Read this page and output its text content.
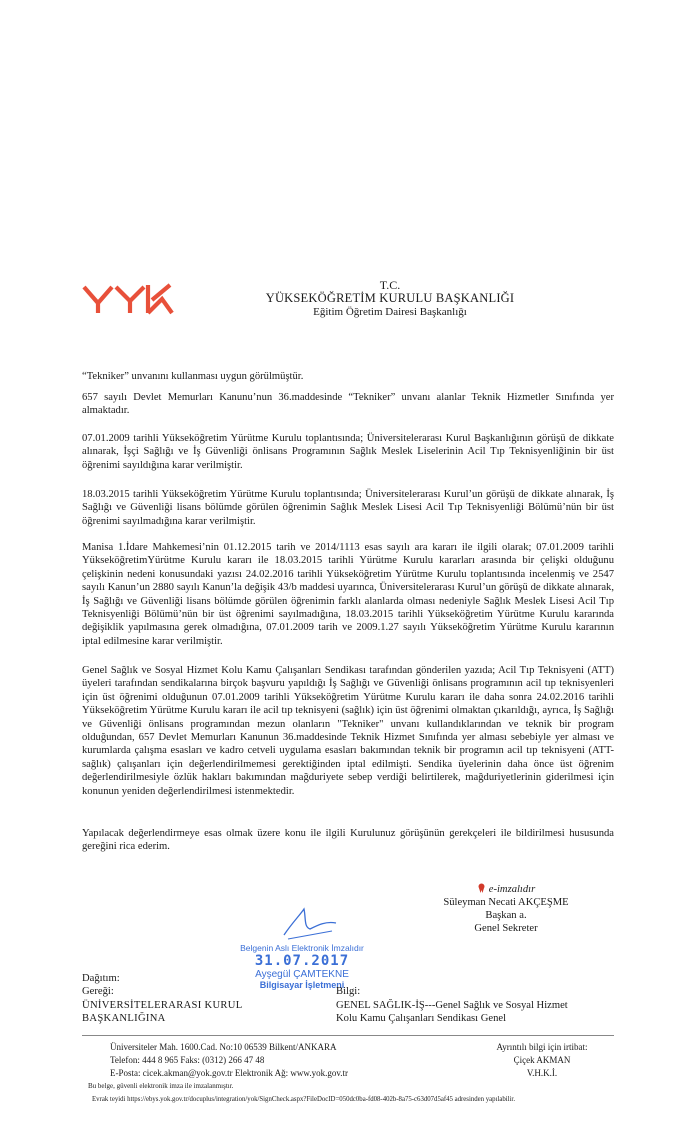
T.C.
YÜKSEKÖĞRETİM KURULU BAŞKANLIĞI
Eğitim Öğretim Dairesi Başkanlığı
“Tekniker” unvanını kullanması uygun görülmüştür.
657 sayılı Devlet Memurları Kanunu’nun 36.maddesinde “Tekniker” unvanı alanlar Teknik Hizmetler Sınıfında yer almaktadır.
07.01.2009 tarihli Yükseköğretim Yürütme Kurulu toplantısında; Üniversitelerarası Kurul Başkanlığının görüşü de dikkate alınarak, İşçi Sağlığı ve İş Güvenliği önlisans Programının Sağlık Meslek Liselerinin Acil Tıp Teknisyenliğinin bir üst öğrenimi sayıldığına karar verilmiştir.
18.03.2015 tarihli Yükseköğretim Yürütme Kurulu toplantısında; Üniversitelerarası Kurul’un görüşü de dikkate alınarak, İş Sağlığı ve Güvenliği lisans bölümde görülen öğrenimin Sağlık Meslek Lisesi Acil Tıp Teknisyenliği Bölümü’nün bir üst öğrenimi sayılmadığına karar verilmiştir.
Manisa 1.İdare Mahkemesi’nin 01.12.2015 tarih ve 2014/1113 esas sayılı ara kararı ile ilgili olarak; 07.01.2009 tarihli YükseköğretimYürütme Kurulu kararı ile 18.03.2015 tarihli Yürütme Kurulu kararları arasında bir çelişki olduğunu çelişkinin nedeni konusundaki yazısı 24.02.2016 tarihli Yükseköğretim Yürütme Kurulu toplantısında incelenmiş ve 2547 sayılı Kanun’un 2880 sayılı Kanun’la değişik 43/b maddesi uyarınca, Üniversitelerarası Kurul’un görüşü de dikkate alınarak, İş Sağlığı ve Güvenliği lisans bölümde görülen öğrenimin farklı alanlarda olması nedeniyle Sağlık Meslek Lisesi Acil Tıp Teknisyenliği Bölümü’nün bir üst öğrenimi sayılmadığına, 18.03.2015 tarihli Yükseköğretim Yürütme Kurulu kararında değişiklik yapılmasına gerek olmadığına, 07.01.2009 tarih ve 2009.1.27 sayılı Yükseköğretim Yürütme Kurulu kararının iptal edilmesine karar verilmiştir.
Genel Sağlık ve Sosyal Hizmet Kolu Kamu Çalışanları Sendikası tarafından gönderilen yazıda; Acil Tıp Teknisyeni (ATT) üyeleri tarafından sendikalarına birçok başvuru yapıldığı İş Sağlığı ve Güvenliği önlisans programının acil tıp teknisyenleri için üst öğrenimi olduğunun 07.01.2009 tarihli Yükseköğretim Yürütme Kurulu kararı ile daha sonra 24.02.2016 tarihli Yükseköğretim Yürütme Kurulu kararı ile acil tıp teknisyeni (sağlık) için üst öğrenimi olmaktan çıkarıldığı, ayrıca, İş Sağlığı ve Güvenliği önlisans programından mezun olanların "Tekniker" unvanı kullandıklarından ve teknik bir program olduğundan, 657 Devlet Memurları Kanunun 36.maddesinde Teknik Hizmet Sınıfında yer alması sebebiyle yer alması ve kurumlarda çalışma esasları ve kadro cetveli uygulama esasları bakımından teknik bir programın acil tıp teknisyeni (ATT-sağlık) çalışanları için değerlendirilmemesi gerektiğinden iptal edilmişti. Sendika üyelerinin daha önce üst öğrenim değerlendirilmesiyle özlük hakları bakımından mağduriyete sebep verdiği belirtilerek, mağduriyetlerinin giderilmesi için konunun yeniden değerlendirilmesi istenmektedir.
Yapılacak değerlendirmeye esas olmak üzere konu ile ilgili Kurulunuz görüşünün gerekçeleri ile bildirilmesi hususunda gereğini rica ederim.
e-imzalıdır
Süleyman Necati AKÇEŞME
Başkan a.
Genel Sekreter
Belgenin Aslı Elektronik İmzalıdır
31.07.2017
Ayşegül ÇAMTEKNE
Bilgisayar İşletmeni
Dağıtım:
Gereği:
ÜNİVERSİTELERARASI KURUL BAŞKANLIĞINA
Bilgi:
GENEL SAĞLIK-İŞ---Genel Sağlık ve Sosyal Hizmet Kolu Kamu Çalışanları Sendikası Genel
Üniversiteler Mah. 1600.Cad. No:10 06539 Bilkent/ANKARA
Telefon: 444 8 965 Faks: (0312) 266 47 48
E-Posta: cicek.akman@yok.gov.tr Elektronik Ağ: www.yok.gov.tr
Ayrıntılı bilgi için irtibat:
Çiçek AKMAN
V.H.K.İ.
Bu belge, güvenli elektronik imza ile imzalanmıştır.
Evrak teyidi https://ebys.yok.gov.tr/docuplus/integration/yok/SignCheck.aspx?FileDocID=050dc0ba-fd08-402b-8a75-c63d07d5af45 adresinden yapılabilir.
